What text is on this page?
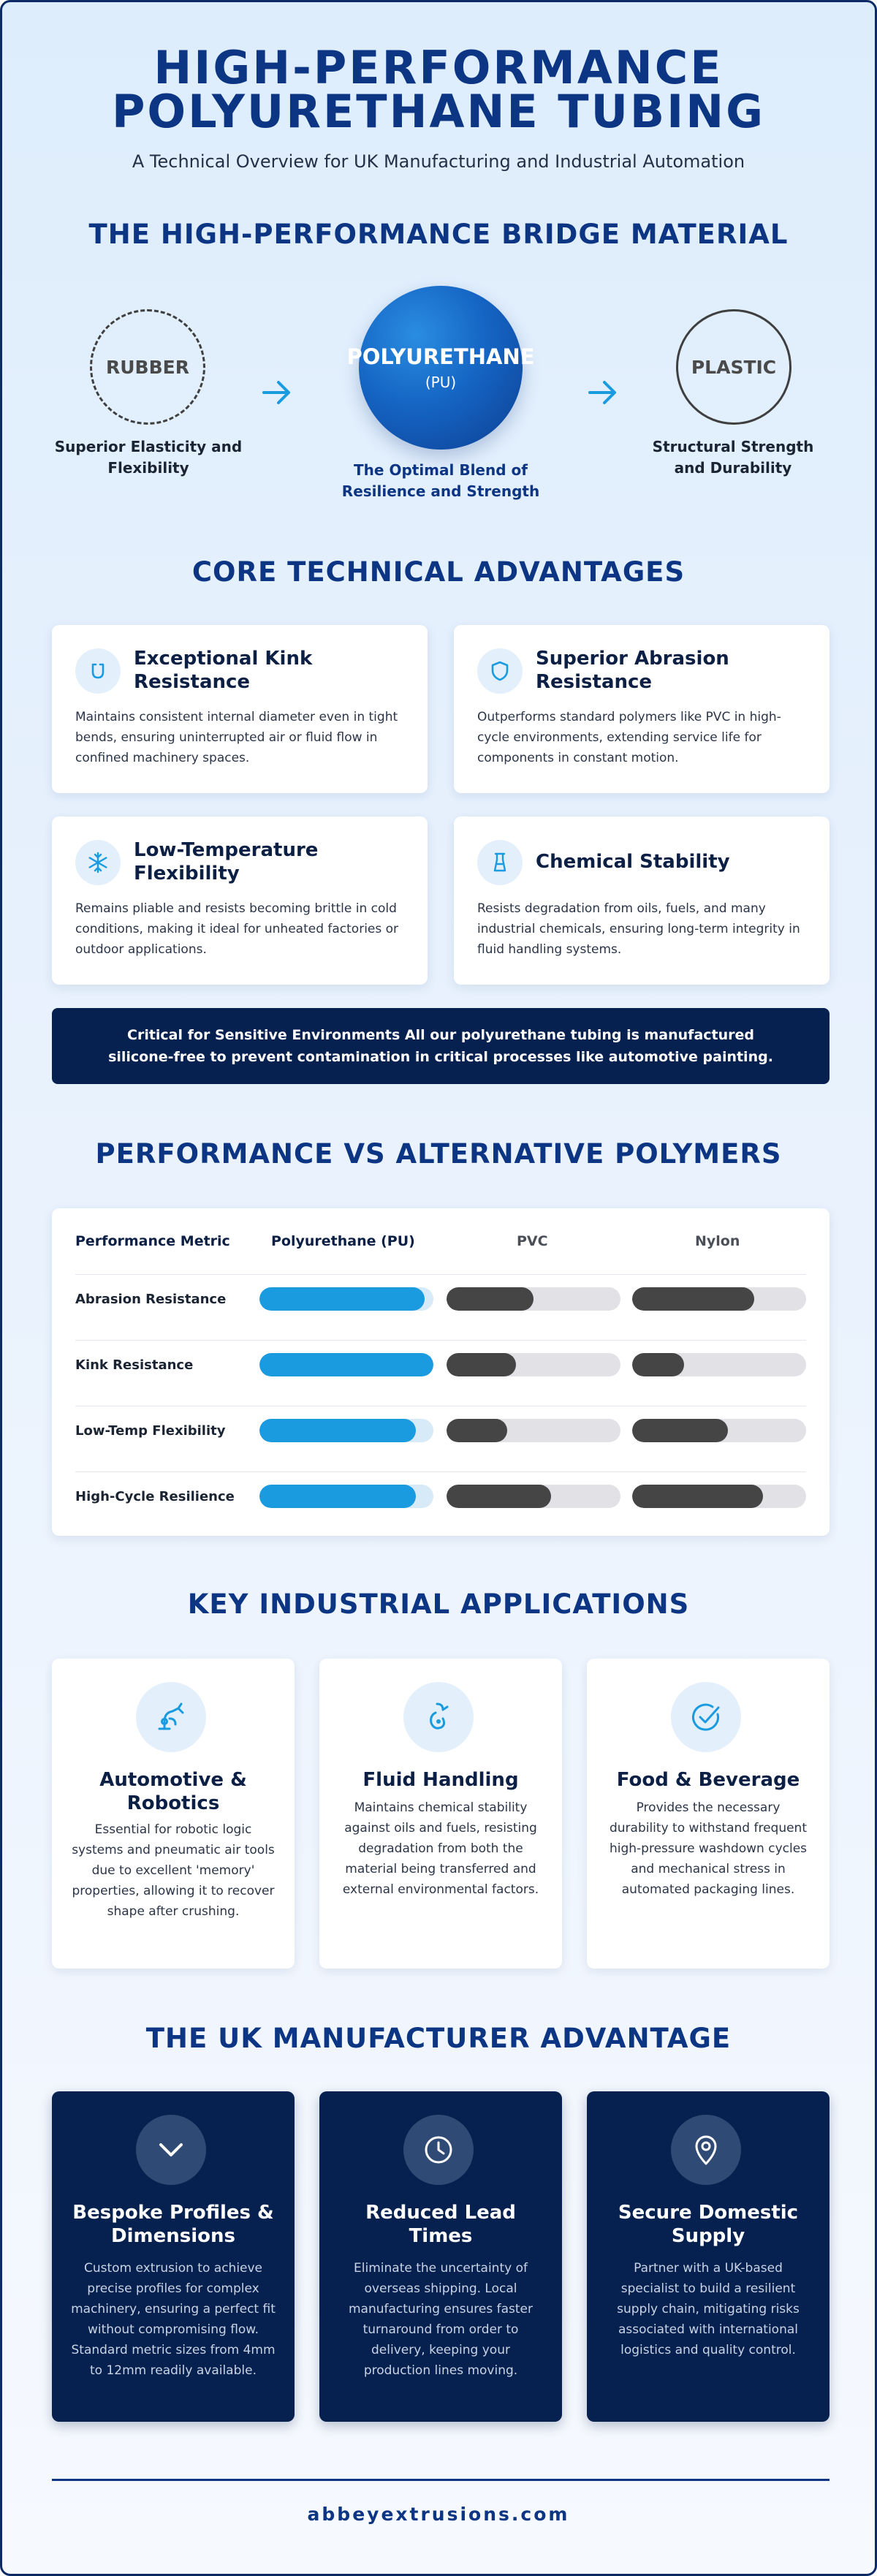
HIGH-PERFORMANCE
POLYURETHANE TUBING
A Technical Overview for UK Manufacturing and Industrial Automation
THE HIGH-PERFORMANCE BRIDGE MATERIAL
RUBBER	POLYURETHANE
(PU)
PLASTIC
Superior Elasticity and
Flexibility	The Optimal Blend of
Resilience and Strength
Structural Strength
and Durability
CORE TECHNICAL ADVANTAGES
Exceptional Kink Resistance
Maintains consistent internal diameter even in tight bends, ensuring uninterrupted air or fluid flow in confined machinery spaces.
Superior Abrasion Resistance
Outperforms standard polymers like PVC in high-cycle environments, extending service life for components in constant motion.
Low-Temperature Flexibility
Remains pliable and resists becoming brittle in cold conditions, making it ideal for unheated factories or outdoor applications.
Chemical Stability
Resists degradation from oils, fuels, and many industrial chemicals, ensuring long-term integrity in fluid handling systems.
Critical for Sensitive Environments All our polyurethane tubing is manufactured silicone-free to prevent contamination in critical processes like automotive painting.
PERFORMANCE VS ALTERNATIVE POLYMERS
Performance Metric	Polyurethane (PU)	PVC	Nylon
Abrasion Resistance
Kink Resistance
Low-Temp Flexibility
High-Cycle Resilience
KEY INDUSTRIAL APPLICATIONS
Automotive & Robotics
Essential for robotic logic systems and pneumatic air tools due to excellent 'memory' properties, allowing it to recover shape after crushing.
Fluid Handling
Maintains chemical stability against oils and fuels, resisting degradation from both the material being transferred and external environmental factors.
Food & Beverage
Provides the necessary durability to withstand frequent high-pressure washdown cycles and mechanical stress in automated packaging lines.
THE UK MANUFACTURER ADVANTAGE
Bespoke Profiles & Dimensions
Custom extrusion to achieve precise profiles for complex machinery, ensuring a perfect fit without compromising flow. Standard metric sizes from 4mm to 12mm readily available.
Reduced Lead Times
Eliminate the uncertainty of overseas shipping. Local manufacturing ensures faster turnaround from order to delivery, keeping your production lines moving.
Secure Domestic Supply
Partner with a UK-based specialist to build a resilient supply chain, mitigating risks associated with international logistics and quality control.
abbeyextrusions.com
